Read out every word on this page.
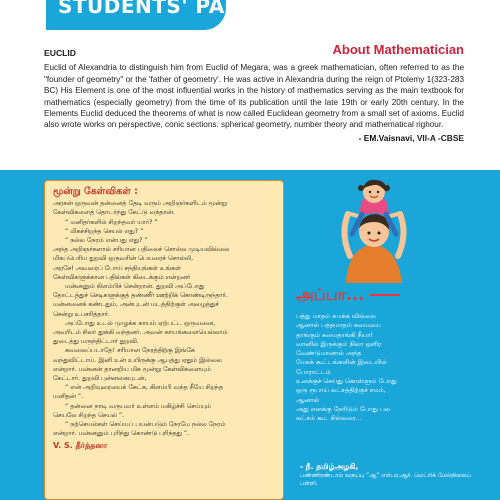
STUDENTS' PAGE
About Mathematician
EUCLID
Euclid of Alexandria to distinguish him from Euclid of Megara, was a greek mathematician, often referred to as the "founder of geometry" or the 'father of geometry'. He was active in Alexandria during the reign of Ptolemy 1(323-283 BC) His Element is one of the most influential works in the history of mathematics serving as the main textbook for mathematics (especially geometry) from the time of its publication until the late 19th or early 20th century. In the Elements Euclid deduced the theorems of what is now called Euclidean geometry from a small set of axioms. Euclid also wrote works on perspective, conic sections. spherical geometry, number theory and mathematical righour.
- EM.Vaisnavi, VII-A -CBSE
மூன்று கேள்விகள் :
அரசன் ஒருவன் தன்னைத் தேடி வரும் அறிஞர்களிடம் மூன்று
கேள்விகளைத் தொடர்ந்து கேட்டு வந்தான்.
“ மனிதர்களில் சிறந்தவர் யார்? ”
“ மிகச்சிறந்த செயல் எது? ”
“ நல்ல நேரம் என்பது எது? ”
அந்த அறிஞர்களால் சரியான பதிலைச் சொல்ல முடியவில்லை
மிகப்பெரிய துறவி ஒருவரின் பெயரைச் சொல்லி,
அரசே! அவரைப் போய் சந்தியுங்கள் உங்கள்
கேள்விகளுக்கான பதில்கள் கிடைக்கும் என்றனர்
மன்னனும் கிளம்பிச் சென்றான். துறவி அப்போது
தோட்டத்துச் செடிகளுக்குத் தண்ணீர் ஊற்றிக் கொண்டிருந்தார்.
மன்னனைக் கண்டதும், அன்புடன் மடத்திற்குள் அழைத்துச்
சென்று உபசரித்தார்.
அப்போது உடல் முழுக்க காயம் ஏற்பட்ட ஒருவனை,
அவரிடம் சிலர் தூக்கி வந்தனர். அவன் காயங்களையெல்லாம்
துடைத்து மருந்திட்டார் துறவி.
கவலைப்படாதே! சரியான நேரத்திற்கு இங்கே
வந்துவிட்டாய். இனி உன் உயிருக்கு ஆபத்து ஏதும் இல்லை
என்றார். மன்னன் தானறிய மிக மூன்று கேள்விகளையும்
கேட்டார். துறவி புன்னகையுடன்,
“ என் அறிவுரையைக் கேட்க, கிளம்பி வந்த நீயே சிறந்த
மனிதன் ”.
“ தன்னை நாடி வருபவர் உள்ளம் மகிழ்ச்சி செய்யும்
செயலே சிறந்த செயல் ”.
“ நற்செயல்கள் செய்யப் பயன்படும் நேரமே நல்ல நேரம்
என்றார். மன்னனும் புரிந்து கொண்டு புரிந்தது ”.
V. S. தீர்த்தனா
அப்பா...
பத்து மாதம் சுமக்க வில்லை
ஆனால் பத்தமாதம் சுமையை
தாங்கும் சுமைதாங்கி நீயா!
வானில் இருக்கும் நிலா ஒளிர
வேண்டுமானால் அந்த
மேகக் கூட்டங்களின் இடையில்
போராட்டம்
உனக்குச் செய்து கொள்ளும் போது
ஒரு ரூபாய் லட்சத்திற்குச் சமம்,
ஆனால்
அது எனக்கு நேரிடும் போது பல
லட்சம் கூட சில்லரை...
- நீ. தமிழ்அழகி,
பண்ணிரண்டாம் வகுப்பு “ஆ” எஸ்.ஏ.ஆர். மெட்ரிக் மேல்நிலைப் பள்ளி,
